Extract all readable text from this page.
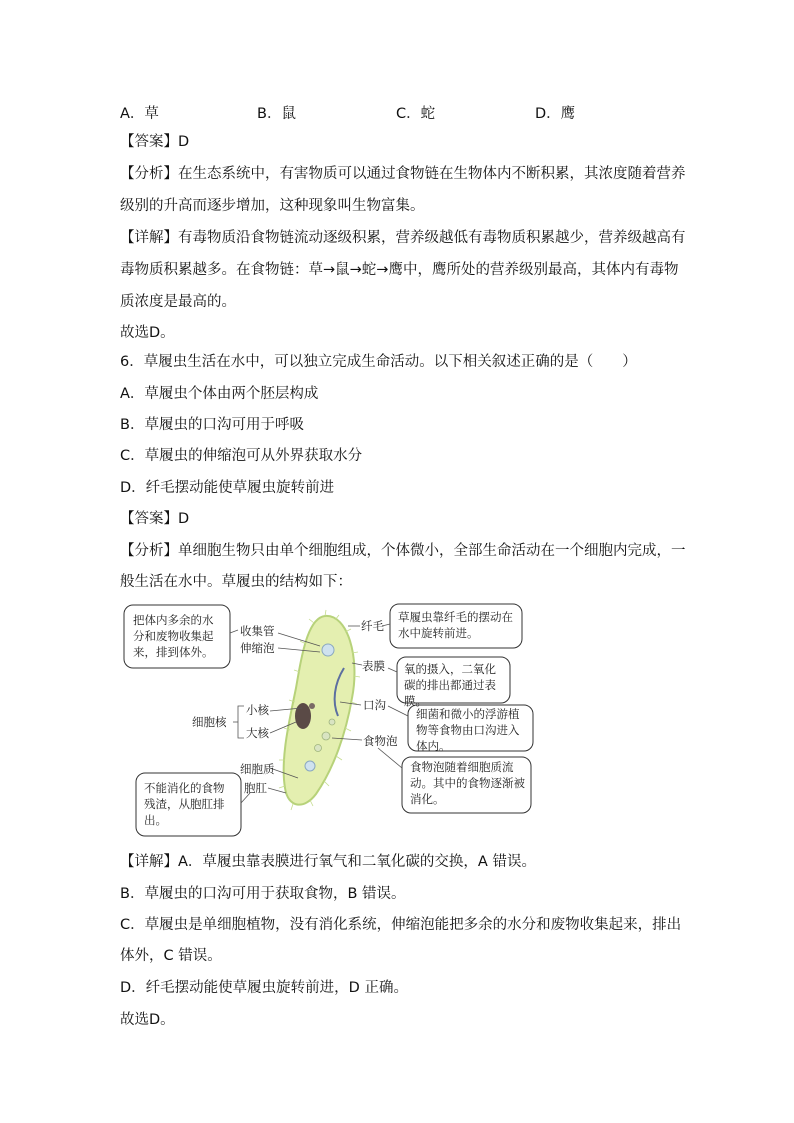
A．草	B．鼠	C．蛇	D．鹰
【答案】D
【分析】在生态系统中，有害物质可以通过食物链在生物体内不断积累，其浓度随着营养
级别的升高而逐步增加，这种现象叫生物富集。
【详解】有毒物质沿食物链流动逐级积累，营养级越低有毒物质积累越少，营养级越高有
毒物质积累越多。在食物链：草→鼠→蛇→鹰中，鹰所处的营养级别最高，其体内有毒物
质浓度是最高的。
故选D。
6．草履虫生活在水中，可以独立完成生命活动。以下相关叙述正确的是（　　）
A．草履虫个体由两个胚层构成
B．草履虫的口沟可用于呼吸
C．草履虫的伸缩泡可从外界获取水分
D．纤毛摆动能使草履虫旋转前进
【答案】D
【分析】单细胞生物只由单个细胞组成，个体微小，全部生命活动在一个细胞内完成，一
般生活在水中。草履虫的结构如下：
收集管
伸缩泡
细胞核
小核
大核
细胞质
胞肛
纤毛
表膜
口沟
食物泡
把体内多余的水分和废物收集起来，排到体外。
草履虫靠纤毛的摆动在水中旋转前进。
氧的摄入，二氧化碳的排出都通过表膜。
细菌和微小的浮游植物等食物由口沟进入体内。
食物泡随着细胞质流动。其中的食物逐渐被消化。
不能消化的食物残渣，从胞肛排出。
【详解】A．草履虫靠表膜进行氧气和二氧化碳的交换，A 错误。
B．草履虫的口沟可用于获取食物，B 错误。
C．草履虫是单细胞植物，没有消化系统，伸缩泡能把多余的水分和废物收集起来，排出
体外，C 错误。
D．纤毛摆动能使草履虫旋转前进，D 正确。
故选D。
